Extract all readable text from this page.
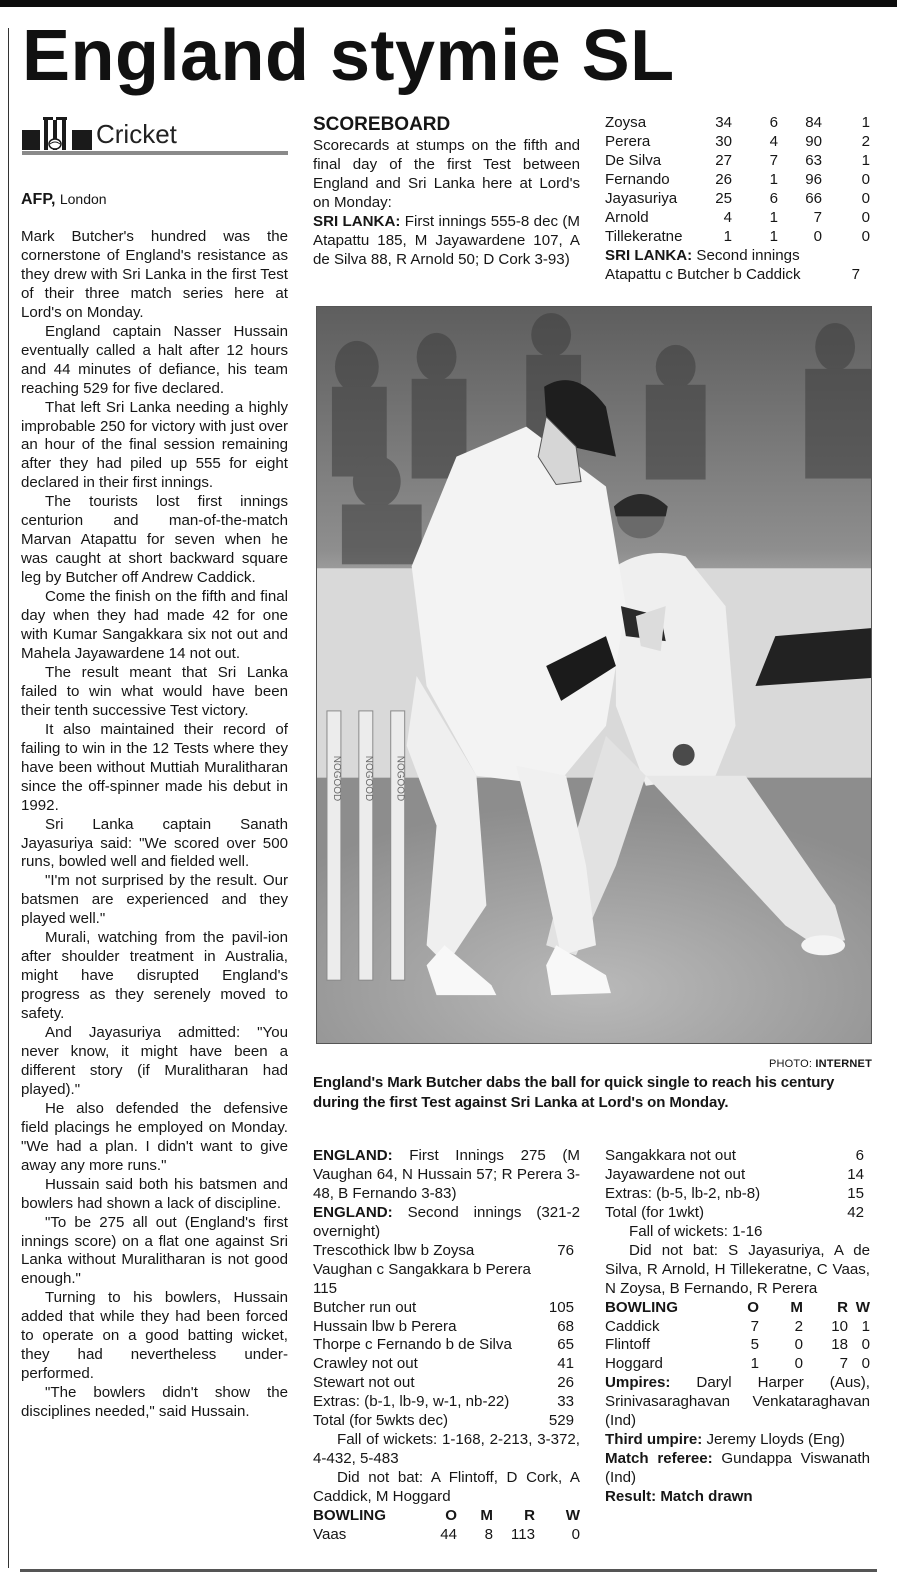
England stymie SL
Cricket
AFP, London

Mark Butcher's hundred was the cornerstone of England's resistance as they drew with Sri Lanka in the first Test of their three match series here at Lord's on Monday.

England captain Nasser Hussain eventually called a halt after 12 hours and 44 minutes of defiance, his team reaching 529 for five declared.

That left Sri Lanka needing a highly improbable 250 for victory with just over an hour of the final session remaining after they had piled up 555 for eight declared in their first innings.

The tourists lost first innings centurion and man-of-the-match Marvan Atapattu for seven when he was caught at short backward square leg by Butcher off Andrew Caddick.

Come the finish on the fifth and final day when they had made 42 for one with Kumar Sangakkara six not out and Mahela Jayawardene 14 not out.

The result meant that Sri Lanka failed to win what would have been their tenth successive Test victory.

It also maintained their record of failing to win in the 12 Tests where they have been without Muttiah Muralitharan since the off-spinner made his debut in 1992.

Sri Lanka captain Sanath Jayasuriya said: "We scored over 500 runs, bowled well and fielded well.

"I'm not surprised by the result. Our batsmen are experienced and they played well."

Murali, watching from the pavil-ion after shoulder treatment in Australia, might have disrupted England's progress as they serenely moved to safety.

And Jayasuriya admitted: "You never know, it might have been a different story (if Muralitharan had played)."

He also defended the defensive field placings he employed on Monday. "We had a plan. I didn't want to give away any more runs."

Hussain said both his batsmen and bowlers had shown a lack of discipline.

"To be 275 all out (England's first innings score) on a flat one against Sri Lanka without Muralitharan is not good enough."

Turning to his bowlers, Hussain added that while they had been forced to operate on a good batting wicket, they had nevertheless under-performed.

"The bowlers didn't show the disciplines needed," said Hussain.

SCOREBOARD

Scorecards at stumps on the fifth and final day of the first Test between England and Sri Lanka here at Lord's on Monday:

SRI LANKA: First innings 555-8 dec (M Atapattu 185, M Jayawardene 107, A de Silva 88, R Arnold 50; D Cork 3-93)

Zoysa	34	6	84	1
Perera	30	4	90	2
De Silva	27	7	63	1
Fernando	26	1	96	0
Jayasuriya	25	6	66	0
Arnold	4	1	7	0
Tillekeratne	1	1	0	0

SRI LANKA: Second innings

Atapattu c Butcher b Caddick	7
NOGOOD NOGOOD NOGOOD
PHOTO: INTERNET
England's Mark Butcher dabs the ball for quick single to reach his century during the first Test against Sri Lanka at Lord's on Monday.

ENGLAND: First Innings 275 (M Vaughan 64, N Hussain 57; R Perera 3-48, B Fernando 3-83)

ENGLAND: Second innings (321-2 overnight)

Trescothick lbw b Zoysa	76

Vaughan c Sangakkara b Perera

115

Butcher run out	105
Hussain lbw b Perera	68
Thorpe c Fernando b de Silva	65
Crawley not out	41
Stewart not out	26
Extras: (b-1, lb-9, w-1, nb-22)	33
Total (for 5wkts dec)	529

Fall of wickets: 1-168, 2-213, 3-372, 4-432, 5-483

Did not bat: A Flintoff, D Cork, A Caddick, M Hoggard

BOWLING	O	M	R	W
Vaas	44	8	113	0
Sangakkara not out	6
Jayawardene not out	14
Extras: (b-5, lb-2, nb-8)	15
Total (for 1wkt)	42

Fall of wickets: 1-16

Did not bat: S Jayasuriya, A de Silva, R Arnold, H Tillekeratne, C Vaas, N Zoysa, B Fernando, R Perera

BOWLING	O	M	R W
Caddick	7	2	10 1
Flintoff	5	0	18 0
Hoggard	1	0	7 0

Umpires: Daryl Harper (Aus), Srinivasaraghavan Venkataraghavan (Ind)

Third umpire: Jeremy Lloyds (Eng)

Match referee: Gundappa Viswanath (Ind)

Result: Match drawn
